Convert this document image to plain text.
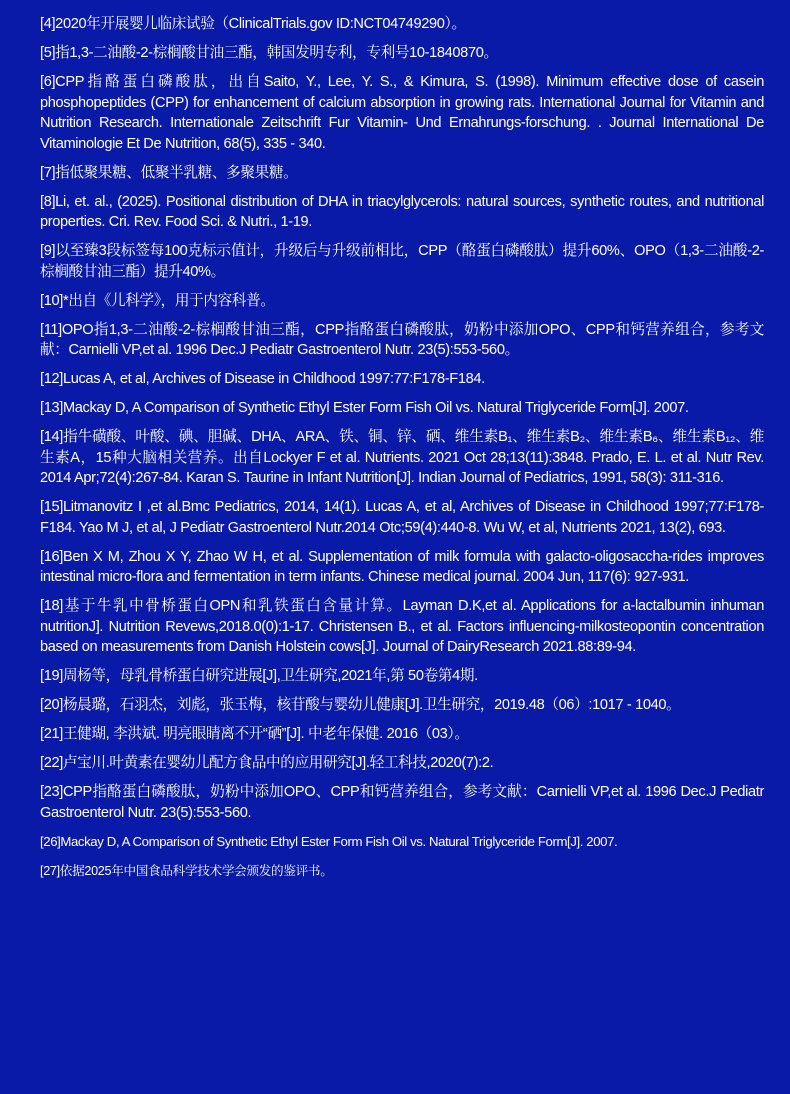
[4]2020年开展婴儿临床试验（ClinicalTrials.gov ID:NCT04749290）。
[5]指1,3-二油酸-2-棕榈酸甘油三酯，韩国发明专利，专利号10-1840870。
[6]CPP指酪蛋白磷酸肽，出自Saito, Y., Lee, Y. S., & Kimura, S. (1998). Minimum effective dose of casein phosphopeptides (CPP) for enhancement of calcium absorption in growing rats. International Journal for Vitamin and Nutrition Research. Internationale Zeitschrift Fur Vitamin- Und Ernahrungs-forschung. . Journal International De Vitaminologie Et De Nutrition, 68(5), 335 - 340.
[7]指低聚果糖、低聚半乳糖、多聚果糖。
[8]Li, et. al., (2025). Positional distribution of DHA in triacylglycerols: natural sources, synthetic routes, and nutritional properties. Cri. Rev. Food Sci. & Nutri., 1-19.
[9]以至臻3段标签每100克标示值计，升级后与升级前相比，CPP（酪蛋白磷酸肽）提升60%、OPO（1,3-二油酸-2-棕榈酸甘油三酯）提升40%。
[10]*出自《儿科学》，用于内容科普。
[11]OPO指1,3-二油酸-2-棕榈酸甘油三酯，CPP指酪蛋白磷酸肽，奶粉中添加OPO、CPP和钙营养组合，参考文献：Carnielli VP,et al. 1996 Dec.J Pediatr Gastroenterol Nutr. 23(5):553-560。
[12]Lucas A, et al, Archives of Disease in Childhood 1997:77:F178-F184.
[13]Mackay D, A Comparison of Synthetic Ethyl Ester Form Fish Oil vs. Natural Triglyceride Form[J]. 2007.
[14]指牛磺酸、叶酸、碘、胆碱、DHA、ARA、铁、铜、锌、硒、维生素B₁、维生素B₂、维生素B₆、维生素B₁₂、维生素A，15种大脑相关营养。出自Lockyer F et al. Nutrients. 2021 Oct 28;13(11):3848. Prado, E. L. et al. Nutr Rev. 2014 Apr;72(4):267-84. Karan S. Taurine in Infant Nutrition[J]. Indian Journal of Pediatrics, 1991, 58(3): 311-316.
[15]Litmanovitz I ,et al.Bmc Pediatrics, 2014, 14(1). Lucas A, et al, Archives of Disease in Childhood 1997;77:F178-F184. Yao M J, et al, J Pediatr Gastroenterol Nutr.2014 Otc;59(4):440-8. Wu W, et al, Nutrients 2021, 13(2), 693.
[16]Ben X M, Zhou X Y, Zhao W H, et al. Supplementation of milk formula with galacto-oligosaccha-rides improves intestinal micro-flora and fermentation in term infants. Chinese medical journal. 2004 Jun, 117(6): 927-931.
[18]基于牛乳中骨桥蛋白OPN和乳铁蛋白含量计算。Layman D.K,et al. Applications for a-lactalbumin inhuman nutritionJ]. Nutrition Revews,2018.0(0):1-17. Christensen B., et al. Factors influencing-milkosteopontin concentration based on measurements from Danish Holstein cows[J]. Journal of DairyResearch 2021.88:89-94.
[19]周杨等，母乳骨桥蛋白研究进展[J],卫生研究,2021年,第 50卷第4期.
[20]杨晨璐，石羽杰，刘彪，张玉梅，核苷酸与婴幼儿健康[J].卫生研究，2019.48（06）:1017 - 1040。
[21]王健瑚, 李洪斌. 明亮眼睛离不开“硒”[J]. 中老年保健. 2016（03）。
[22]卢宝川.叶黄素在婴幼儿配方食品中的应用研究[J].轻工科技,2020(7):2.
[23]CPP指酪蛋白磷酸肽，奶粉中添加OPO、CPP和钙营养组合，参考文献：Carnielli VP,et al. 1996 Dec.J Pediatr Gastroenterol Nutr. 23(5):553-560.
[26]Mackay D, A Comparison of Synthetic Ethyl Ester Form Fish Oil vs. Natural Triglyceride Form[J]. 2007.
[27]依据2025年中国食品科学技术学会颁发的鉴评书。
